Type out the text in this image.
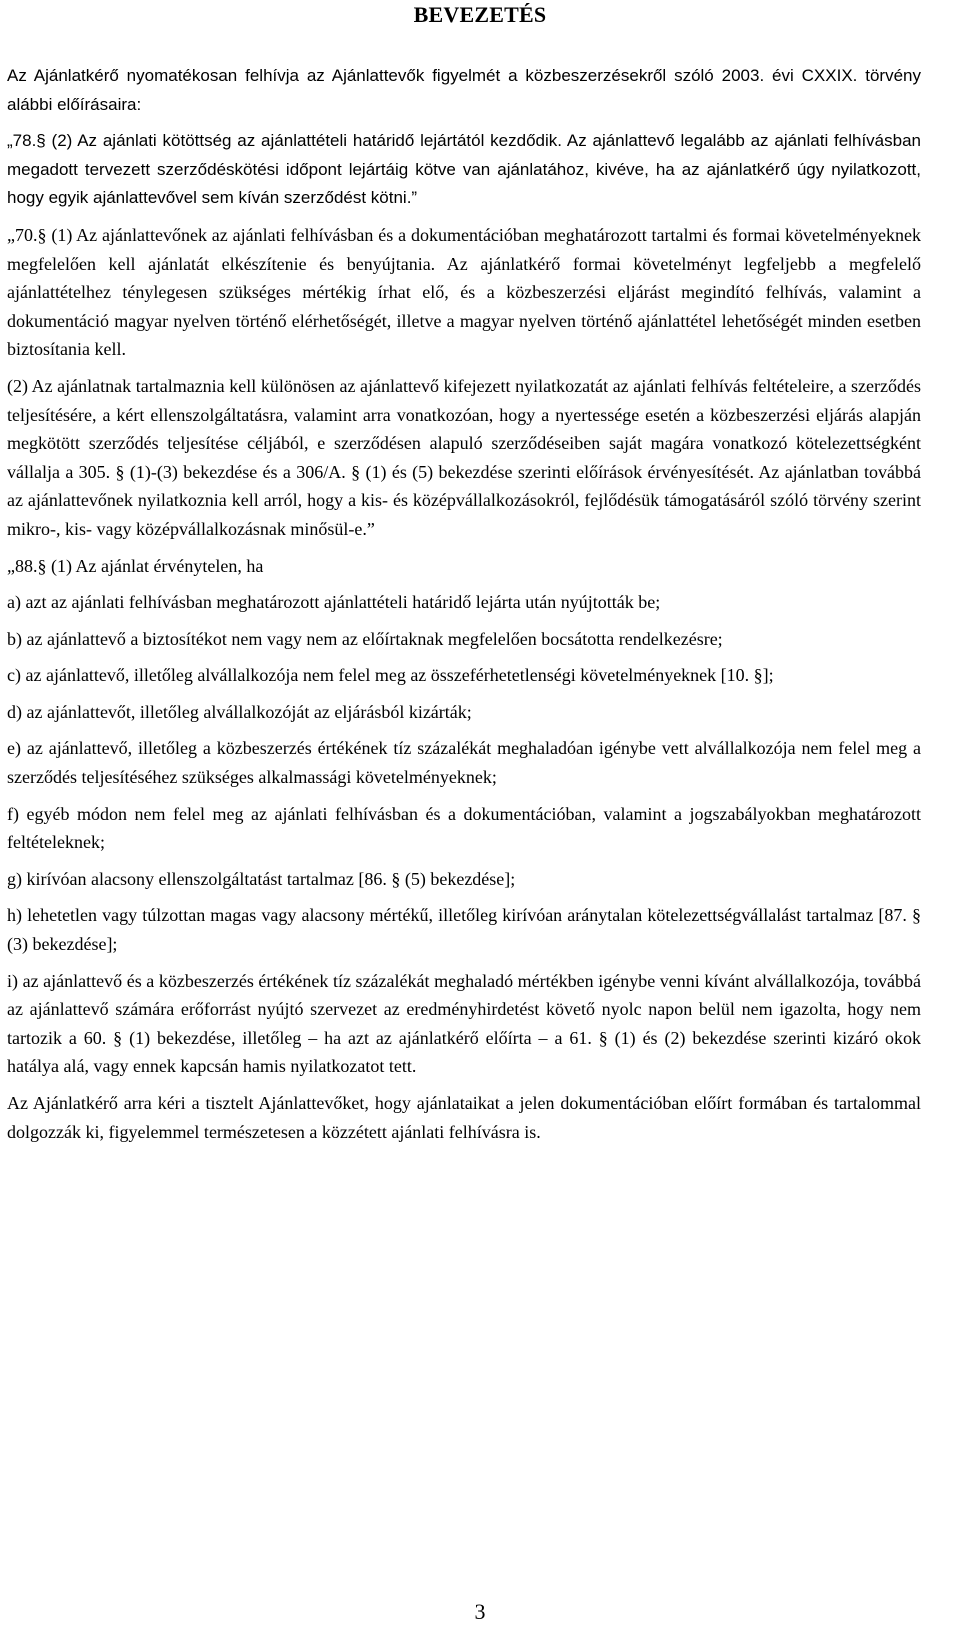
BEVEZETÉS

Az Ajánlatkérő nyomatékosan felhívja az Ajánlattevők figyelmét a közbeszerzésekről szóló 2003. évi CXXIX. törvény alábbi előírásaira:

„78.§ (2) Az ajánlati kötöttség az ajánlattételi határidő lejártától kezdődik. Az ajánlattevő legalább az ajánlati felhívásban megadott tervezett szerződéskötési időpont lejártáig kötve van ajánlatához, kivéve, ha az ajánlatkérő úgy nyilatkozott, hogy egyik ajánlattevővel sem kíván szerződést kötni.”

„70.§ (1) Az ajánlattevőnek az ajánlati felhívásban és a dokumentációban meghatározott tartalmi és formai követelményeknek megfelelően kell ajánlatát elkészítenie és benyújtania. Az ajánlatkérő formai követelményt legfeljebb a megfelelő ajánlattételhez ténylegesen szükséges mértékig írhat elő, és a közbeszerzési eljárást megindító felhívás, valamint a dokumentáció magyar nyelven történő elérhetőségét, illetve a magyar nyelven történő ajánlattétel lehetőségét minden esetben biztosítania kell.

(2) Az ajánlatnak tartalmaznia kell különösen az ajánlattevő kifejezett nyilatkozatát az ajánlati felhívás feltételeire, a szerződés teljesítésére, a kért ellenszolgáltatásra, valamint arra vonatkozóan, hogy a nyertessége esetén a közbeszerzési eljárás alapján megkötött szerződés teljesítése céljából, e szerződésen alapuló szerződéseiben saját magára vonatkozó kötelezettségként vállalja a 305. § (1)-(3) bekezdése és a 306/A. § (1) és (5) bekezdése szerinti előírások érvényesítését. Az ajánlatban továbbá az ajánlattevőnek nyilatkoznia kell arról, hogy a kis- és középvállalkozásokról, fejlődésük támogatásáról szóló törvény szerint mikro-, kis- vagy középvállalkozásnak minősül-e.”

„88.§ (1) Az ajánlat érvénytelen, ha

a) azt az ajánlati felhívásban meghatározott ajánlattételi határidő lejárta után nyújtották be;

b) az ajánlattevő a biztosítékot nem vagy nem az előírtaknak megfelelően bocsátotta rendelkezésre;

c) az ajánlattevő, illetőleg alvállalkozója nem felel meg az összeférhetetlenségi követelményeknek [10. §];

d) az ajánlattevőt, illetőleg alvállalkozóját az eljárásból kizárták;

e) az ajánlattevő, illetőleg a közbeszerzés értékének tíz százalékát meghaladóan igénybe vett alvállalkozója nem felel meg a szerződés teljesítéséhez szükséges alkalmassági követelményeknek;

f) egyéb módon nem felel meg az ajánlati felhívásban és a dokumentációban, valamint a jogszabályokban meghatározott feltételeknek;

g) kirívóan alacsony ellenszolgáltatást tartalmaz [86. § (5) bekezdése];

h) lehetetlen vagy túlzottan magas vagy alacsony mértékű, illetőleg kirívóan aránytalan kötelezettségvállalást tartalmaz [87. § (3) bekezdése];

i) az ajánlattevő és a közbeszerzés értékének tíz százalékát meghaladó mértékben igénybe venni kívánt alvállalkozója, továbbá az ajánlattevő számára erőforrást nyújtó szervezet az eredményhirdetést követő nyolc napon belül nem igazolta, hogy nem tartozik a 60. § (1) bekezdése, illetőleg – ha azt az ajánlatkérő előírta – a 61. § (1) és (2) bekezdése szerinti kizáró okok hatálya alá, vagy ennek kapcsán hamis nyilatkozatot tett.

Az Ajánlatkérő arra kéri a tisztelt Ajánlattevőket, hogy ajánlataikat a jelen dokumentációban előírt formában és tartalommal dolgozzák ki, figyelemmel természetesen a közzétett ajánlati felhívásra is.

3
